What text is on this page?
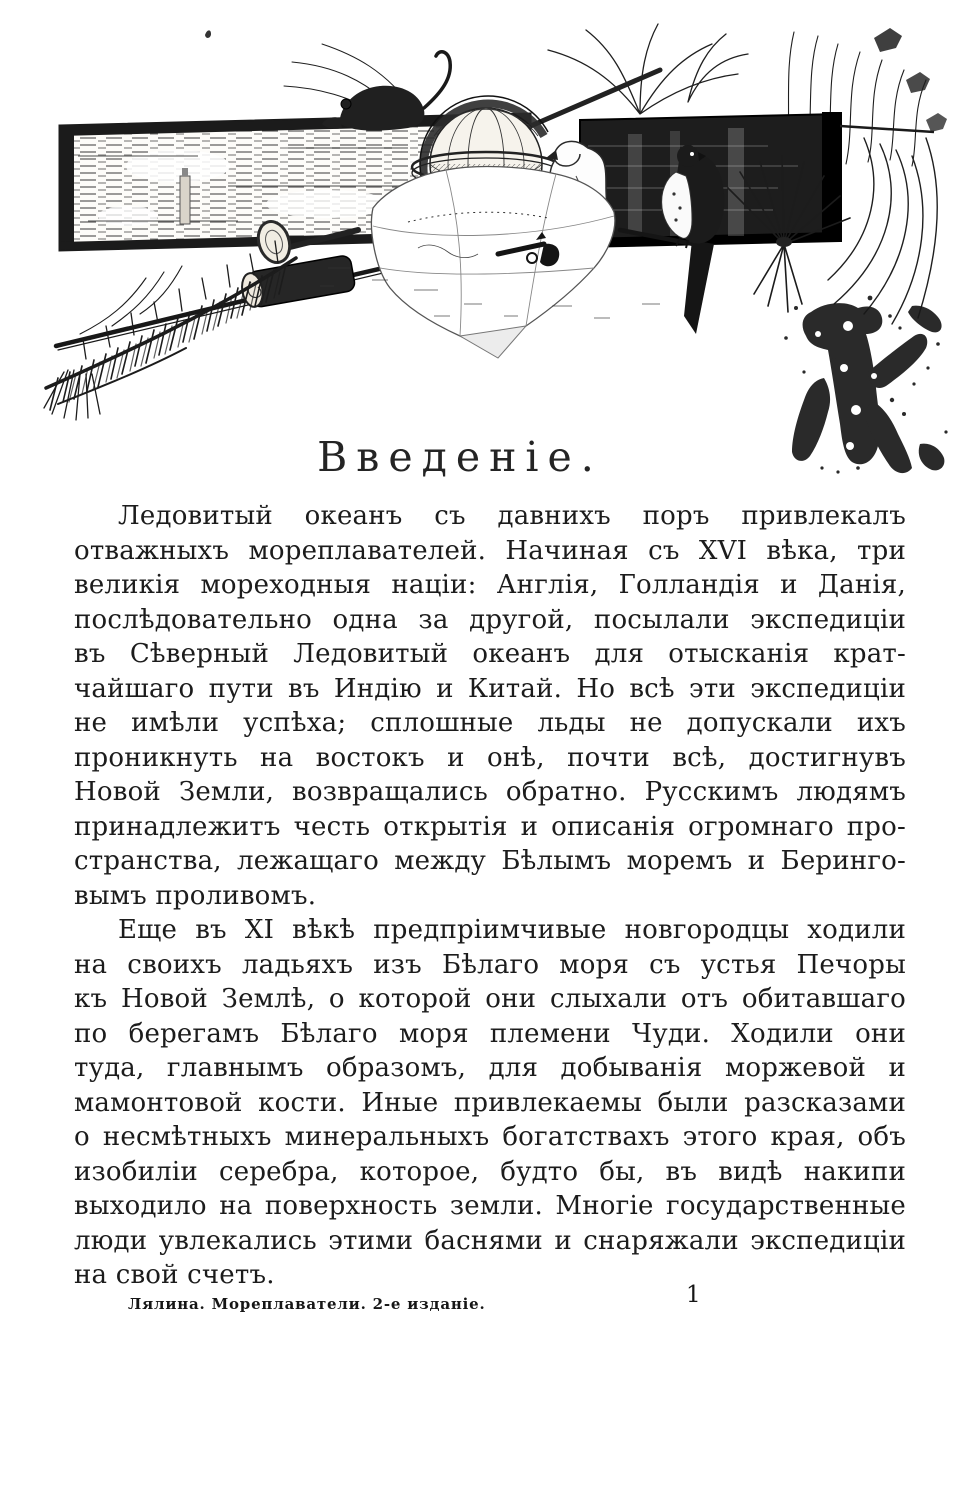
Введеніе.
Ледовитый океанъ съ давнихъ поръ привлекалъ
отважныхъ мореплавателей. Начиная съ XVI вѣка, три
великія мореходныя націи: Англія, Голландія и Данія,
послѣдовательно одна за другой, посылали экспедиціи
въ Сѣверный Ледовитый океанъ для отысканія крат-
чайшаго пути въ Индію и Китай. Но всѣ эти экспедиціи
не имѣли успѣха; сплошные льды не допускали ихъ
проникнуть на востокъ и онѣ, почти всѣ, достигнувъ
Новой Земли, возвращались обратно. Русскимъ людямъ
принадлежитъ честь открытія и описанія огромнаго про-
странства, лежащаго между Бѣлымъ моремъ и Беринго-
вымъ проливомъ.
Еще въ XI вѣкѣ предпріимчивые новгородцы ходили
на своихъ ладьяхъ изъ Бѣлаго моря съ устья Печоры
къ Новой Землѣ, о которой они слыхали отъ обитавшаго
по берегамъ Бѣлаго моря племени Чуди. Ходили они
туда, главнымъ образомъ, для добыванія моржевой и
мамонтовой кости. Иные привлекаемы были разсказами
о несмѣтныхъ минеральныхъ богатствахъ этого края, объ
изобиліи серебра, которое, будто бы, въ видѣ накипи
выходило на поверхность земли. Многіе государственные
люди увлекались этими баснями и снаряжали экспедиціи
на свой счетъ.
Лялина. Мореплаватели. 2-е изданіе.	1
